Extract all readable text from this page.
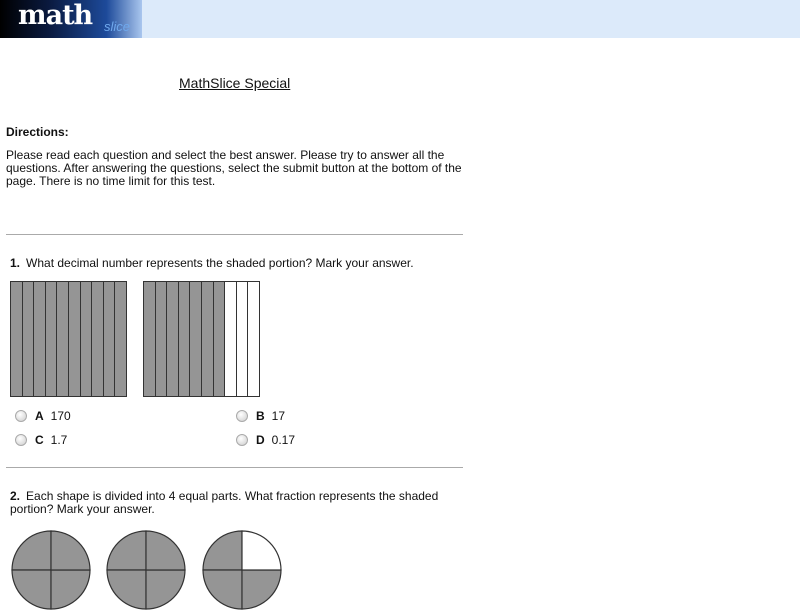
math slice
MathSlice Special
Directions:
Please read each question and select the best answer. Please try to answer all the questions. After answering the questions, select the submit button at the bottom of the page. There is no time limit for this test.
1. What decimal number represents the shaded portion? Mark your answer.
A 170	B 17
C 1.7	D 0.17
2. Each shape is divided into 4 equal parts. What fraction represents the shaded portion? Mark your answer.
